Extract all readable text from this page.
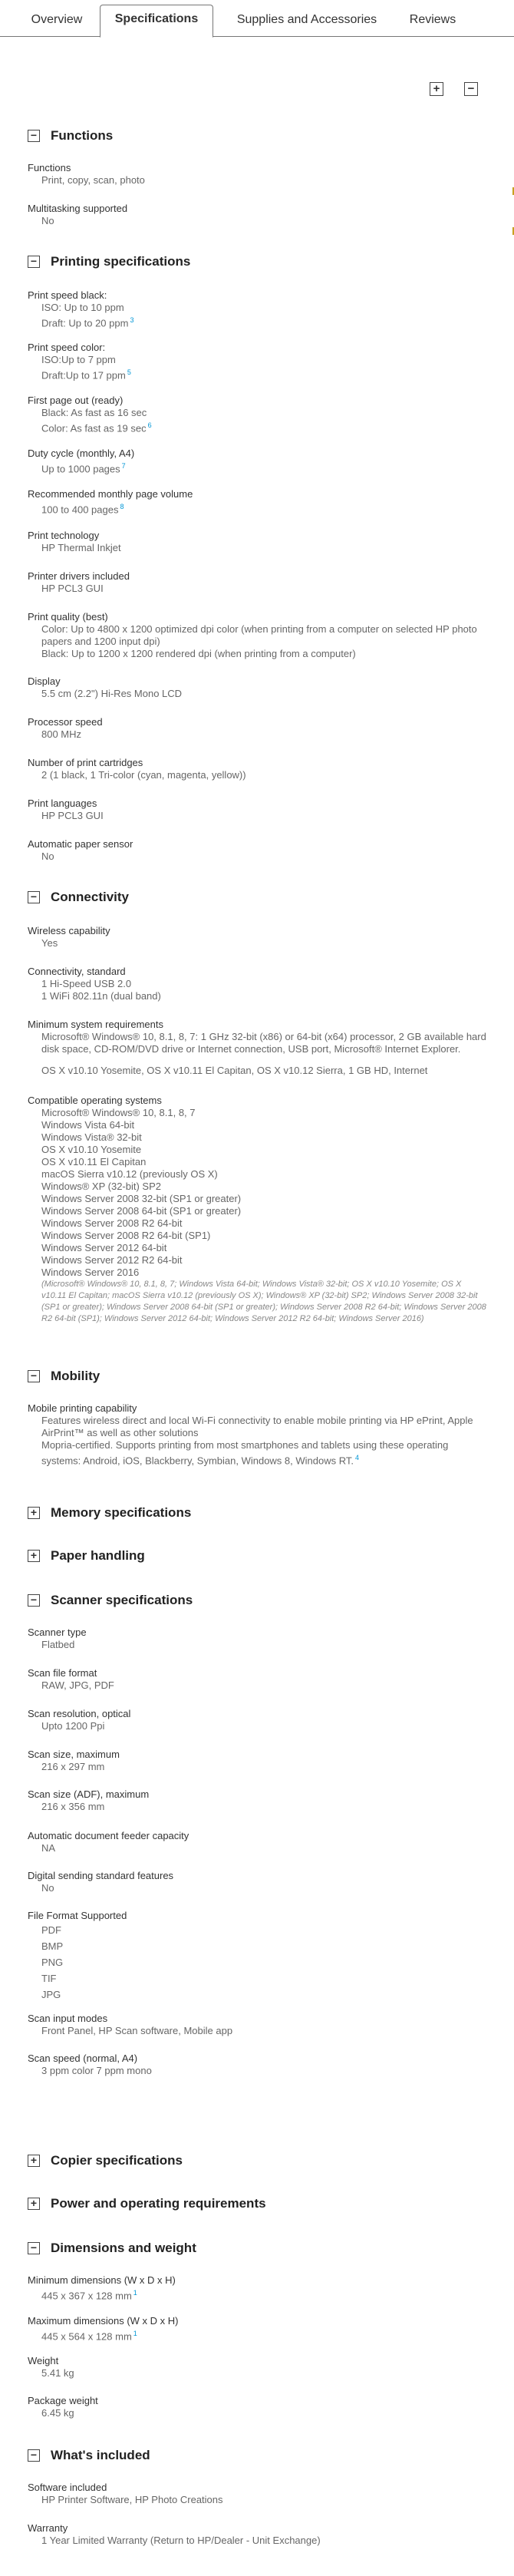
Overview	Specifications	Supplies and Accessories	Reviews
+	−
− Functions
Functions
Print, copy, scan, photo
Multitasking supported
No
− Printing specifications
Print speed black:
ISO: Up to 10 ppm
Draft: Up to 20 ppm $^3$
Print speed color:
ISO:Up to 7 ppm
Draft:Up to 17 ppm $^5$
First page out (ready)
Black: As fast as 16 sec
Color: As fast as 19 sec $^6$
Duty cycle (monthly, A4)
Up to 1000 pages $^7$
Recommended monthly page volume
100 to 400 pages $^8$
Print technology
HP Thermal Inkjet
Printer drivers included
HP PCL3 GUI
Print quality (best)
Color: Up to 4800 x 1200 optimized dpi color (when printing from a computer on selected HP photo papers and 1200 input dpi)
Black: Up to 1200 x 1200 rendered dpi (when printing from a computer)
Display
5.5 cm (2.2") Hi-Res Mono LCD
Processor speed
800 MHz
Number of print cartridges
2 (1 black, 1 Tri-color (cyan, magenta, yellow))
Print languages
HP PCL3 GUI
Automatic paper sensor
No
− Connectivity
Wireless capability
Yes
Connectivity, standard
1 Hi-Speed USB 2.0
1 WiFi 802.11n (dual band)
Minimum system requirements
Microsoft® Windows® 10, 8.1, 8, 7: 1 GHz 32-bit (x86) or 64-bit (x64) processor, 2 GB available hard disk space, CD-ROM/DVD drive or Internet connection, USB port, Microsoft® Internet Explorer.
OS X v10.10 Yosemite, OS X v10.11 El Capitan, OS X v10.12 Sierra, 1 GB HD, Internet
Compatible operating systems
Microsoft® Windows® 10, 8.1, 8, 7
Windows Vista 64-bit
Windows Vista® 32-bit
OS X v10.10 Yosemite
OS X v10.11 El Capitan
macOS Sierra v10.12 (previously OS X)
Windows® XP (32-bit) SP2
Windows Server 2008 32-bit (SP1 or greater)
Windows Server 2008 64-bit (SP1 or greater)
Windows Server 2008 R2 64-bit
Windows Server 2008 R2 64-bit (SP1)
Windows Server 2012 64-bit
Windows Server 2012 R2 64-bit
Windows Server 2016
(Microsoft® Windows® 10, 8.1, 8, 7; Windows Vista 64-bit; Windows Vista® 32-bit; OS X v10.10 Yosemite; OS X v10.11 El Capitan; macOS Sierra v10.12 (previously OS X); Windows® XP (32-bit) SP2; Windows Server 2008 32-bit (SP1 or greater); Windows Server 2008 64-bit (SP1 or greater); Windows Server 2008 R2 64-bit; Windows Server 2008 R2 64-bit (SP1); Windows Server 2012 64-bit; Windows Server 2012 R2 64-bit; Windows Server 2016)
− Mobility
Mobile printing capability
Features wireless direct and local Wi-Fi connectivity to enable mobile printing via HP ePrint, Apple AirPrint™ as well as other solutions
Mopria-certified. Supports printing from most smartphones and tablets using these operating systems: Android, iOS, Blackberry, Symbian, Windows 8, Windows RT. $^4$
+ Memory specifications
+ Paper handling
− Scanner specifications
Scanner type
Flatbed
Scan file format
RAW, JPG, PDF
Scan resolution, optical
Upto 1200 Ppi
Scan size, maximum
216 x 297 mm
Scan size (ADF), maximum
216 x 356 mm
Automatic document feeder capacity
NA
Digital sending standard features
No
File Format Supported
PDF
BMP
PNG
TIF
JPG
Scan input modes
Front Panel, HP Scan software, Mobile app
Scan speed (normal, A4)
3 ppm color 7 ppm mono
+ Copier specifications
+ Power and operating requirements
− Dimensions and weight
Minimum dimensions (W x D x H)
445 x 367 x 128 mm $^1$
Maximum dimensions (W x D x H)
445 x 564 x 128 mm $^1$
Weight
5.41 kg
Package weight
6.45 kg
− What's included
Software included
HP Printer Software, HP Photo Creations
Warranty
1 Year Limited Warranty (Return to HP/Dealer - Unit Exchange)
